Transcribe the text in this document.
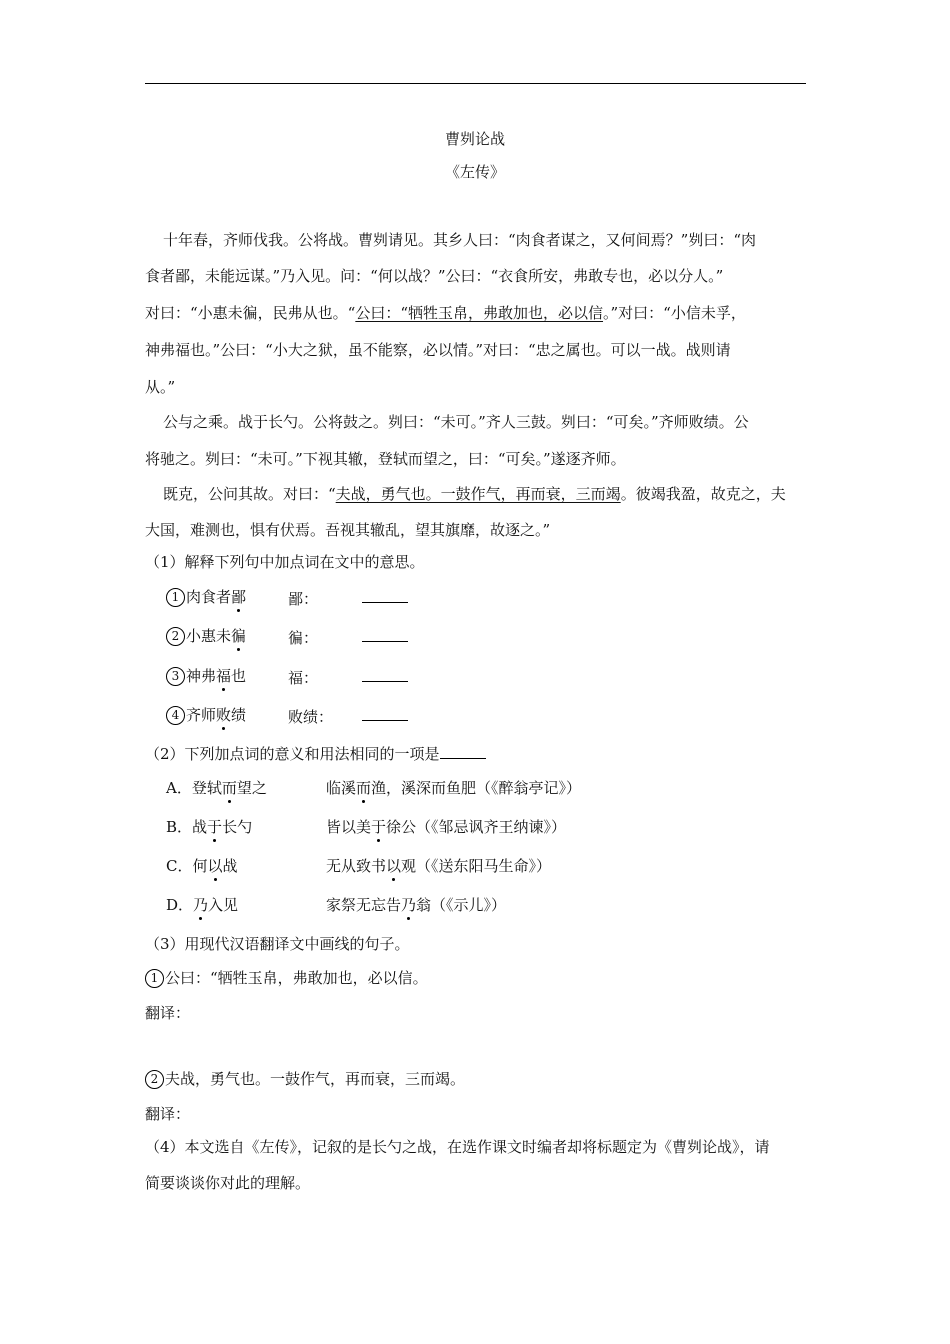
曹刿论战
《左传》
十年春，齐师伐我。公将战。曹刿请见。其乡人曰：“肉食者谋之，又何间焉？”刿曰：“肉
食者鄙，未能远谋。”乃入见。问：“何以战？”公曰：“衣食所安，弗敢专也，必以分人。”
对曰：“小惠未徧，民弗从也。“公曰：“牺牲玉帛，弗敢加也，必以信。”对曰：“小信未孚，
神弗福也。”公曰：“小大之狱，虽不能察，必以情。”对曰：“忠之属也。可以一战。战则请
从。”
公与之乘。战于长勺。公将鼓之。刿曰：“未可。”齐人三鼓。刿曰：“可矣。”齐师败绩。公
将驰之。刿曰：“未可。”下视其辙，登轼而望之，曰：“可矣。”遂逐齐师。
既克，公问其故。对曰：“夫战，勇气也。一鼓作气，再而衰，三而竭。彼竭我盈，故克之，夫
大国，难测也，惧有伏焉。吾视其辙乱，望其旗靡，故逐之。”
（1）解释下列句中加点词在文中的意思。
1 肉食者鄙	鄙：
2 小惠未徧	徧：
3 神弗福也	福：
4 齐师败绩	败绩：
（2）下列加点词的意义和用法相同的一项是
A．登轼而望之	临溪而渔，溪深而鱼肥（《醉翁亭记》）
B．战于长勺	皆以美于徐公（《邹忌讽齐王纳谏》）
C．何以战	无从致书以观（《送东阳马生命》）
D．乃入见	家祭无忘告乃翁（《示儿》）
（3）用现代汉语翻译文中画线的句子。
1 公曰：“牺牲玉帛，弗敢加也，必以信。
翻译：
2 夫战，勇气也。一鼓作气，再而衰，三而竭。
翻译：
（4）本文选自《左传》，记叙的是长勺之战，在选作课文时编者却将标题定为《曹刿论战》，请
简要谈谈你对此的理解。
